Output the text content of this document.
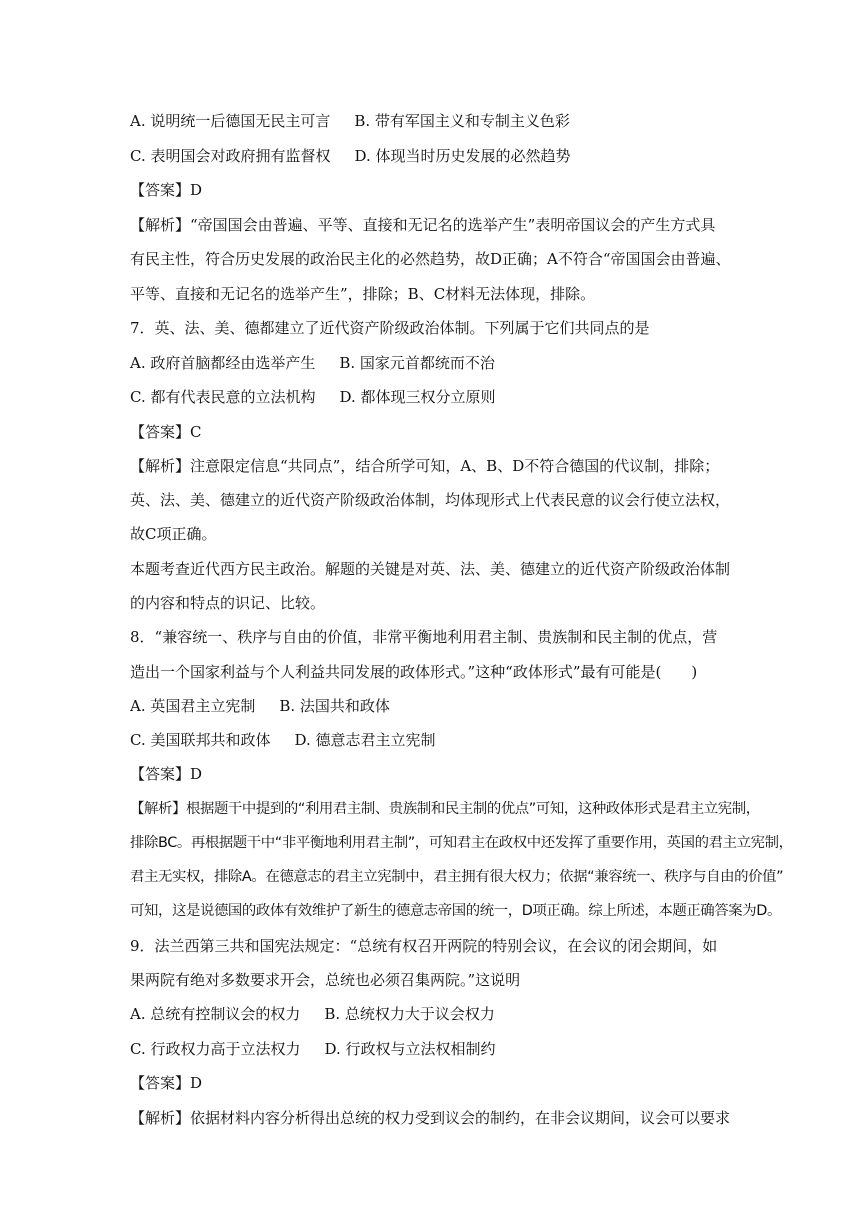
A. 说明统一后德国无民主可言 B. 带有军国主义和专制主义色彩
C. 表明国会对政府拥有监督权 D. 体现当时历史发展的必然趋势
【答案】D
【解析】“帝国国会由普遍、平等、直接和无记名的选举产生”表明帝国议会的产生方式具
有民主性，符合历史发展的政治民主化的必然趋势，故D正确；A不符合“帝国国会由普遍、
平等、直接和无记名的选举产生”，排除；B、C材料无法体现，排除。
7．英、法、美、德都建立了近代资产阶级政治体制。下列属于它们共同点的是
A. 政府首脑都经由选举产生 B. 国家元首都统而不治
C. 都有代表民意的立法机构 D. 都体现三权分立原则
【答案】C
【解析】注意限定信息“共同点”，结合所学可知，A、B、D不符合德国的代议制，排除；
英、法、美、德建立的近代资产阶级政治体制，均体现形式上代表民意的议会行使立法权，
故C项正确。
本题考查近代西方民主政治。解题的关键是对英、法、美、德建立的近代资产阶级政治体制
的内容和特点的识记、比较。
8．“兼容统一、秩序与自由的价值，非常平衡地利用君主制、贵族制和民主制的优点，营
造出一个国家利益与个人利益共同发展的政体形式。”这种“政体形式”最有可能是(　　)
A. 英国君主立宪制 B. 法国共和政体
C. 美国联邦共和政体 D. 德意志君主立宪制
【答案】D
【解析】根据题干中提到的“利用君主制、贵族制和民主制的优点”可知，这种政体形式是君主立宪制，
排除BC。再根据题干中“非平衡地利用君主制”，可知君主在政权中还发挥了重要作用，英国的君主立宪制，
君主无实权，排除A。在德意志的君主立宪制中，君主拥有很大权力；依据“兼容统一、秩序与自由的价值”
可知，这是说德国的政体有效维护了新生的德意志帝国的统一，D项正确。综上所述，本题正确答案为D。
9．法兰西第三共和国宪法规定：“总统有权召开两院的特别会议，在会议的闭会期间，如
果两院有绝对多数要求开会，总统也必须召集两院。”这说明
A. 总统有控制议会的权力 B. 总统权力大于议会权力
C. 行政权力高于立法权力 D. 行政权与立法权相制约
【答案】D
【解析】依据材料内容分析得出总统的权力受到议会的制约，在非会议期间，议会可以要求
